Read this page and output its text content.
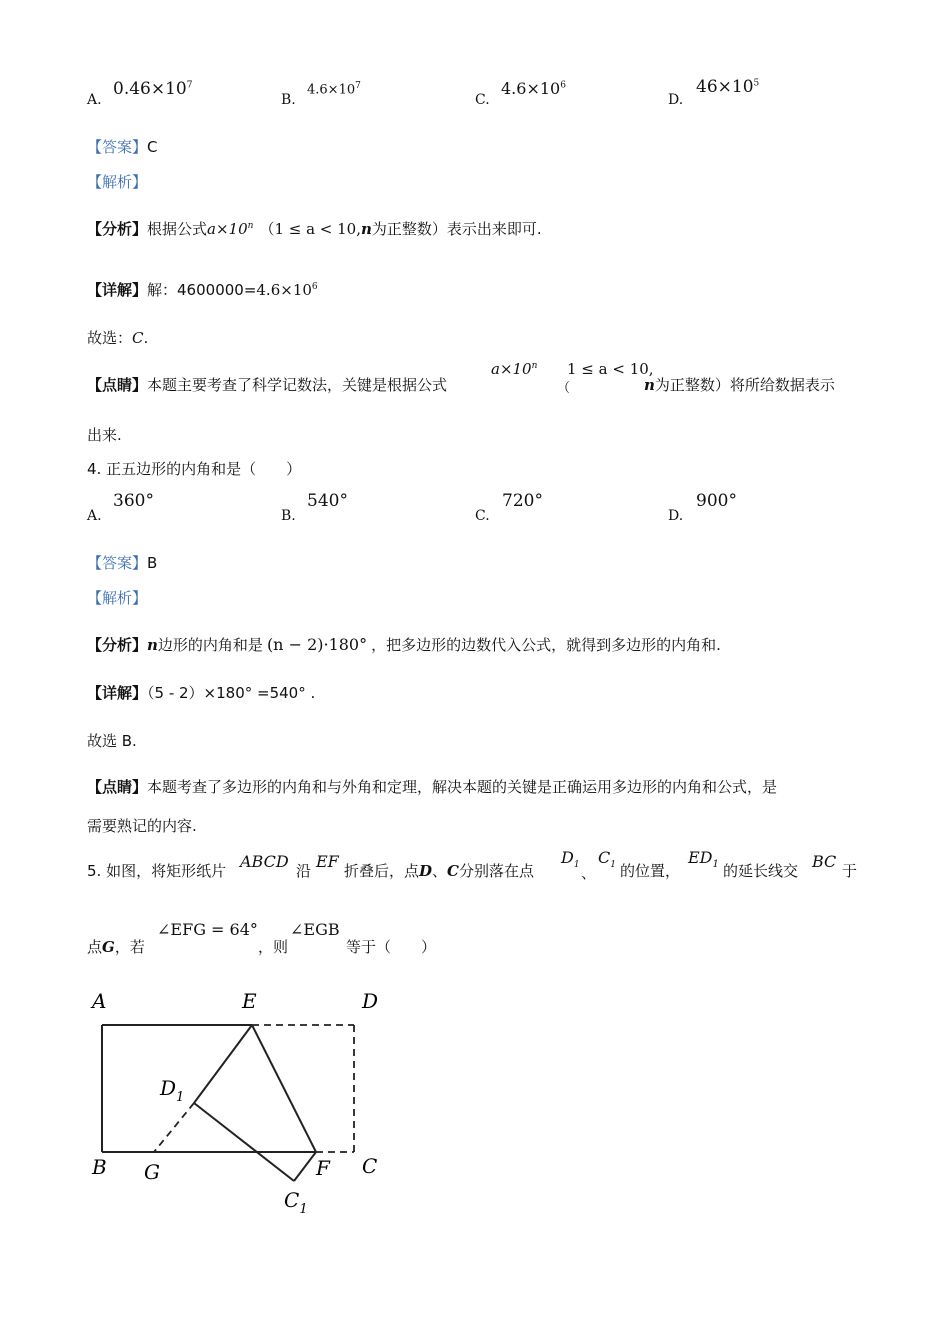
A.
$0.46\times 10^7$
B.
$4.6\times 10^7$
C.
$4.6\times 10^6$
D.
$46\times 10^5$
【答案】C
【解析】
【分析】根据公式$a\times 10^n$ （1 ≤ a < 10,n为正整数）表示出来即可.
【详解】解：$4600000=4.6\times 10^6$
故选：C.
【点睛】本题主要考查了科学记数法，关键是根据公式
$a\times 10^n$
（
1 ≤ a < 10,
n为正整数）将所给数据表示
出来.
4. 正五边形的内角和是（　　）
A.
360°
B.
540°
C.
720°
D.
900°
【答案】B
【解析】
【分析】n边形的内角和是 (n − 2)·180° ，把多边形的边数代入公式，就得到多边形的内角和.
【详解】（5 - 2）×180° =540° .
故选 B.
【点睛】本题考查了多边形的内角和与外角和定理，解决本题的关键是正确运用多边形的内角和公式，是
需要熟记的内容.
5. 如图，将矩形纸片 ABCD 沿 EF 折叠后，点D、C分别落在点
$D_1$ 、
$C_1$ 的位置，
$ED_1$ 的延长线交 BC 于
点G，若
∠EFG = 64°
，则
∠EGB
等于（　　）
A	E	D
$D_1$
B G	F C
$C_1$
